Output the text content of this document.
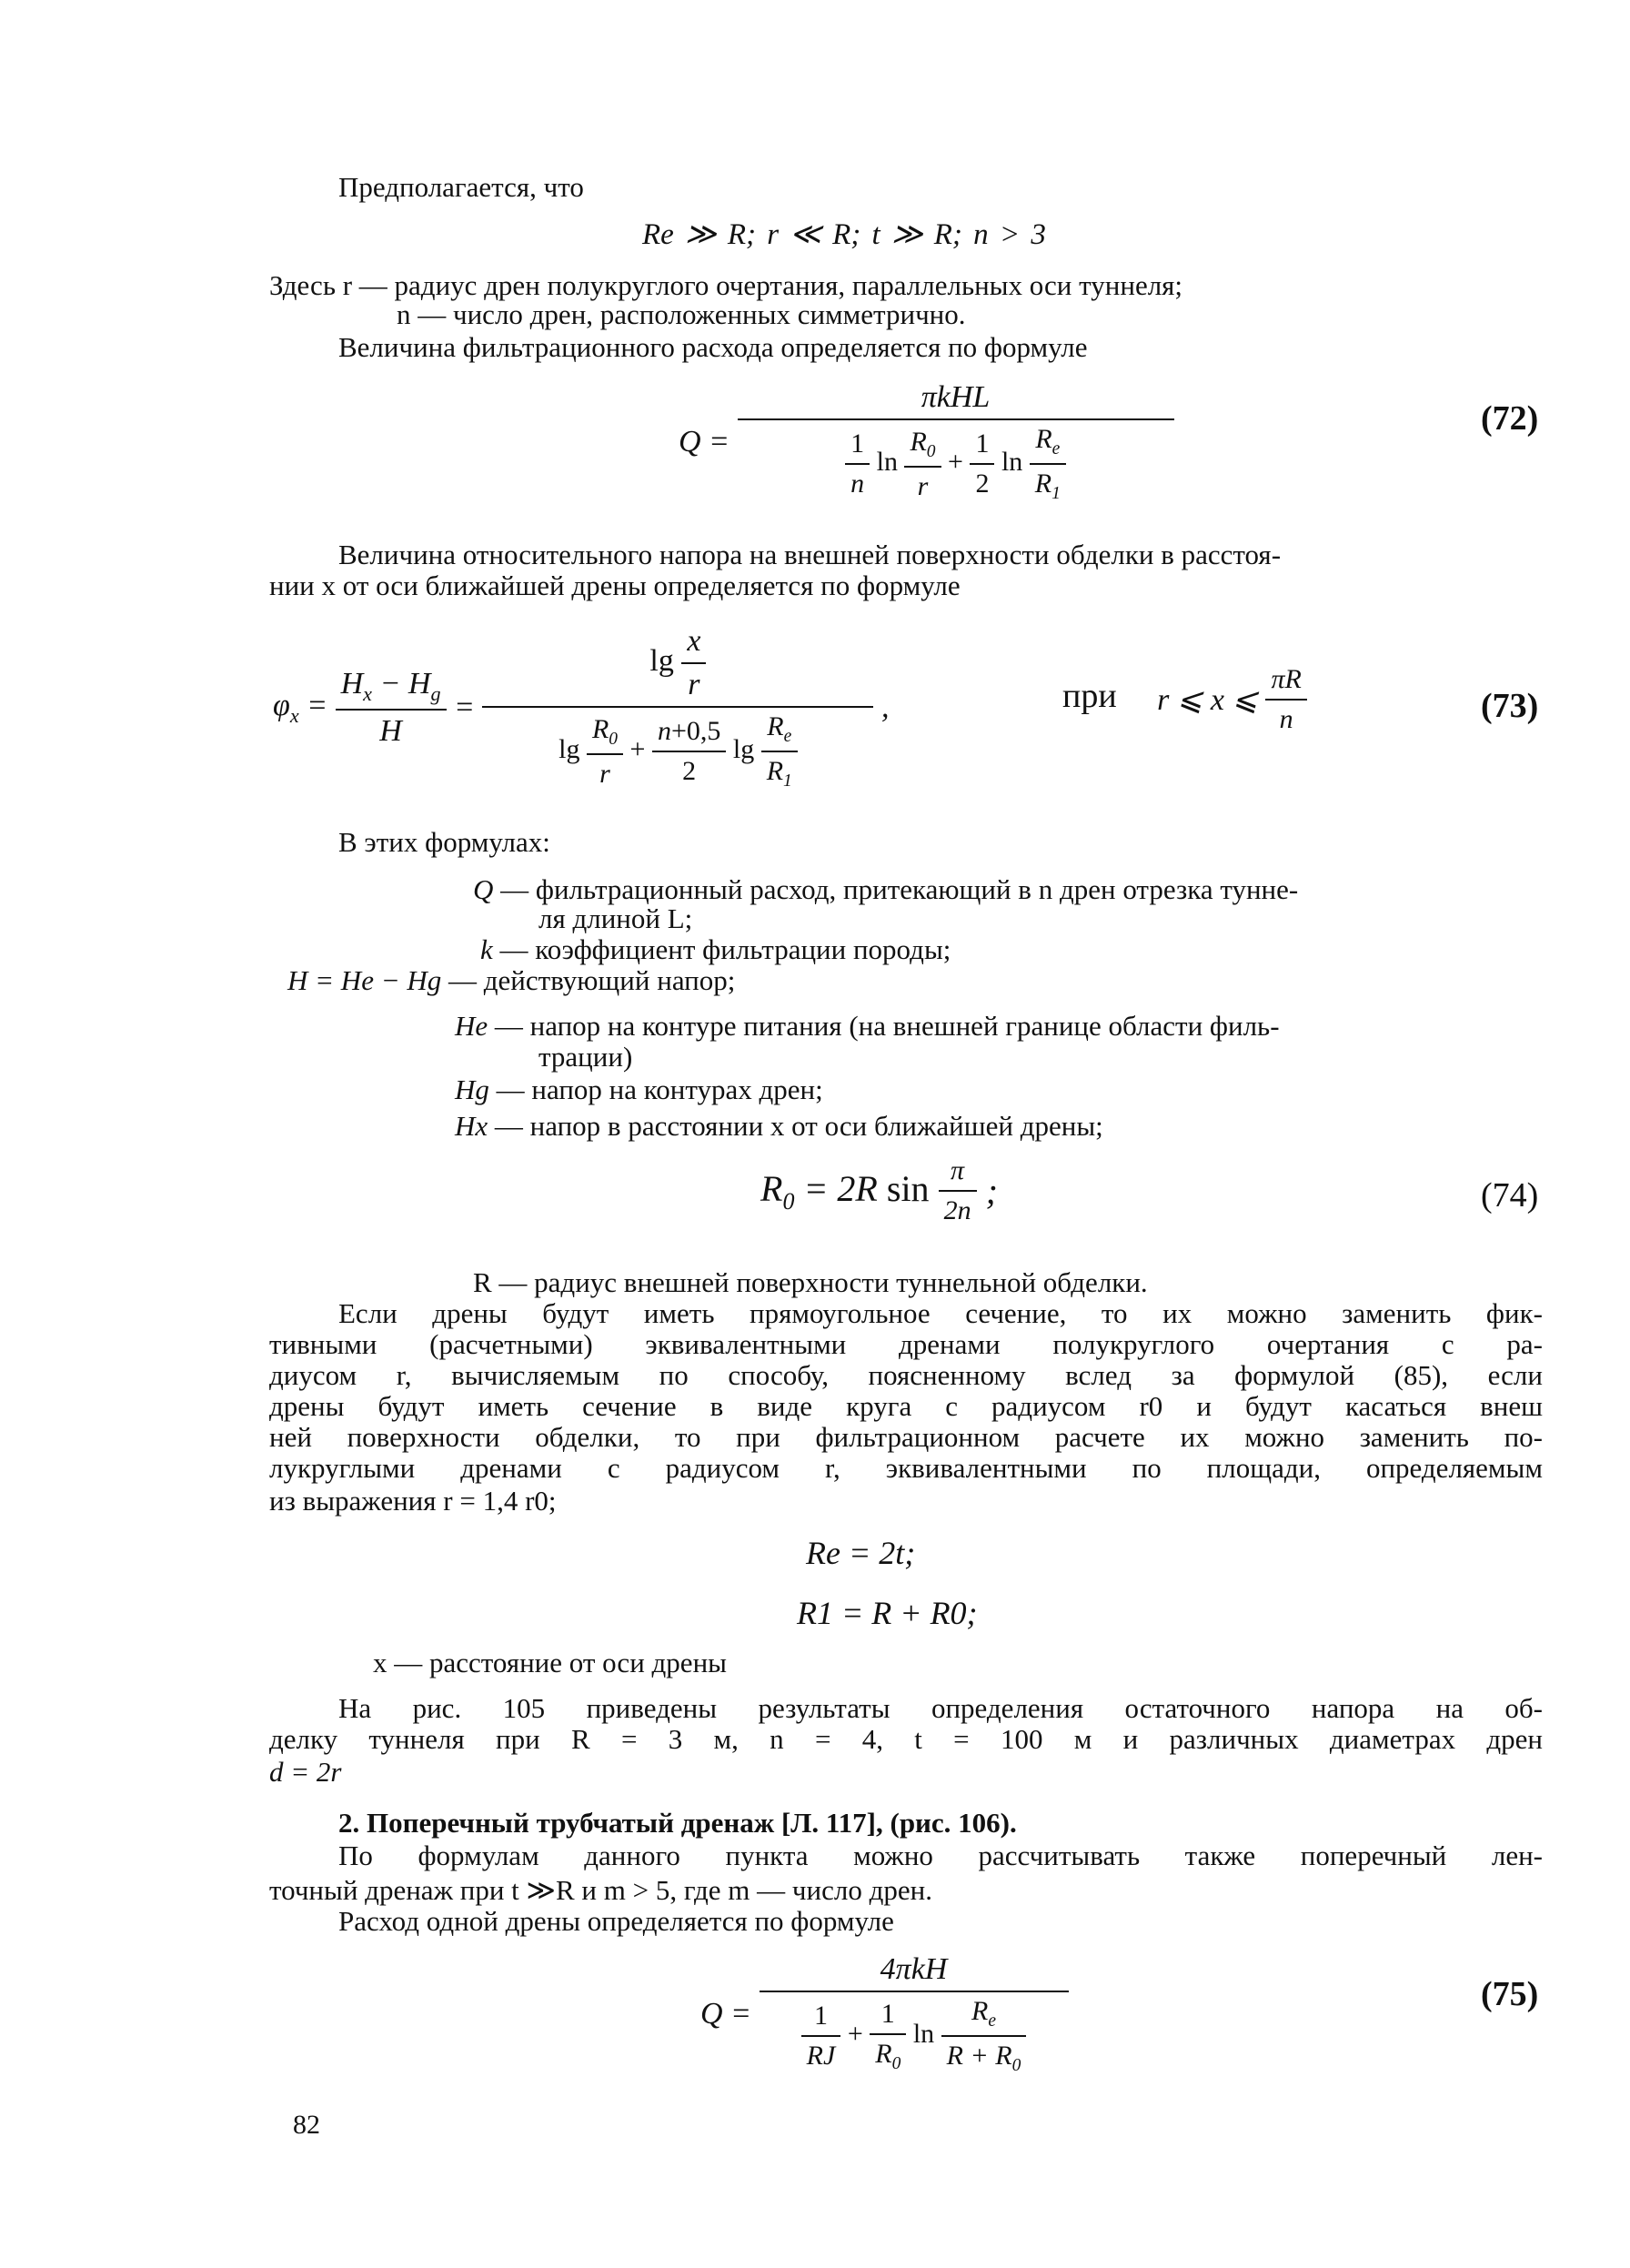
Предполагается, что
Re ≫ R; r ≪ R; t ≫ R; n > 3
Здесь r — радиус дрен полукруглого очертания, параллельных оси туннеля;
n — число дрен, расположенных симметрично.
Величина фильтрационного расхода определяется по формуле
Q =
πkHL
$\frac{1}{n}$ $\ln \frac{R_0}{r} + \frac{1}{2}$ $\ln \frac{R_e}{R_1}$
(72)
Величина относительного напора на внешней поверхности обделки в расстоя-
нии x от оси ближайшей дрены определяется по формуле
$\varphi_x = \frac{H_x - H_g}{H}$ =
$\lg \frac{x}{r}$
$\lg \frac{R_0}{r} + \frac{n+0,5}{2}$ $\lg \frac{R_e}{R_1}$
,	при r ⩽ x ⩽ $\frac{\pi R}{n}$	(73)
В этих формулах:
Q — фильтрационный расход, притекающий в n дрен отрезка тунне-
ля длиной L;
k — коэффициент фильтрации породы;
H = He − Hg — действующий напор;
He — напор на контуре питания (на внешней границе области филь-
трации)
Hg — напор на контурах дрен;
Hx — напор в расстоянии x от оси ближайшей дрены;
$R_0 = 2R$ $\sin \frac{\pi}{2n}$ ;	(74)
R — радиус внешней поверхности туннельной обделки.
Если дрены будут иметь прямоугольное сечение, то их можно заменить фик-
тивными (расчетными) эквивалентными дренами полукруглого очертания с ра-
диусом r, вычисляемым по способу, поясненному вслед за формулой (85), если
дрены будут иметь сечение в виде круга с радиусом r0 и будут касаться внеш
ней поверхности обделки, то при фильтрационном расчете их можно заменить по-
лукруглыми дренами с радиусом r, эквивалентными по площади, определяемым
из выражения r = 1,4 r0;
Re = 2t;
R1 = R + R0;
x — расстояние от оси дрены
На рис. 105 приведены результаты определения остаточного напора на об-
делку туннеля при R = 3 м, n = 4, t = 100 м и различных диаметрах дрен
d = 2r
2. Поперечный трубчатый дренаж [Л. 117], (рис. 106).
По формулам данного пункта можно рассчитывать также поперечный лен-
точный дренаж при t ≫R и m > 5, где m — число дрен.
Расход одной дрены определяется по формуле
$Q = \frac{\text{4πkH}}{\frac{1}{RJ} + \frac{1}{R_0} \ln \frac{R_e}{R + R_0}}$	(75)
82
